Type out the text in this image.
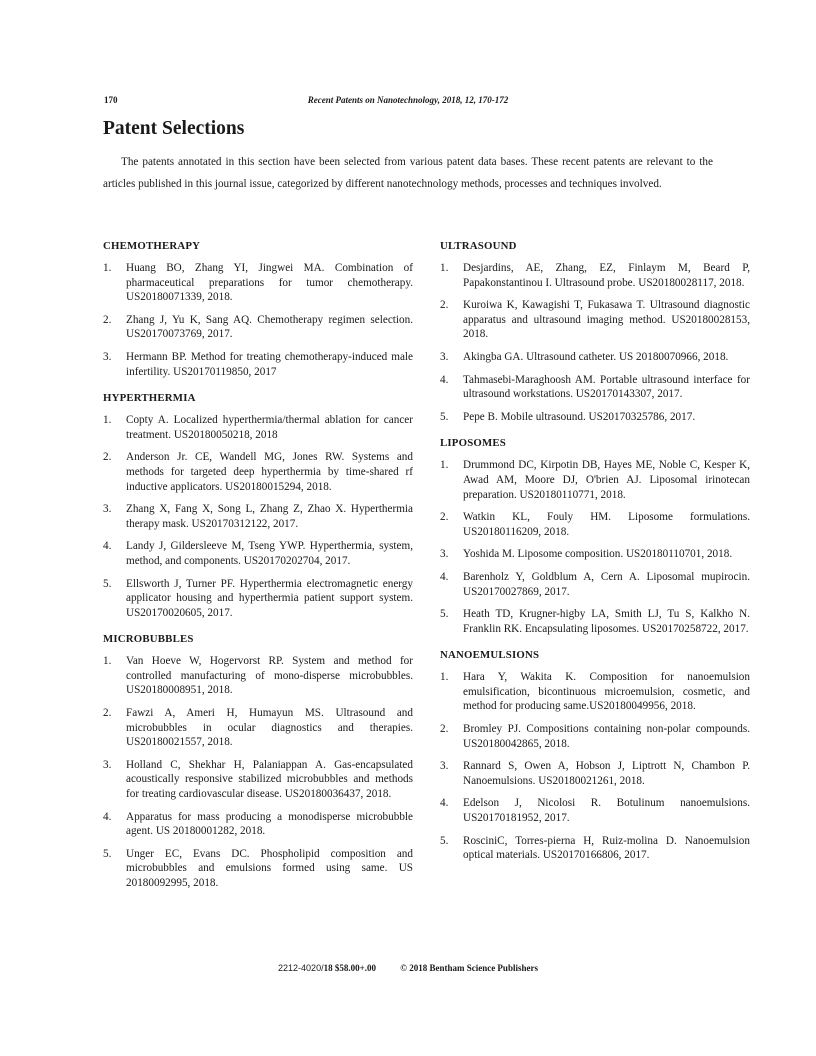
170	Recent Patents on Nanotechnology, 2018, 12, 170-172
Patent Selections

The patents annotated in this section have been selected from various patent data bases. These recent patents are relevant to the articles published in this journal issue, categorized by different nanotechnology methods, processes and techniques involved.

CHEMOTHERAPY
1.	Huang BO, Zhang YI, Jingwei MA. Combination of pharmaceutical preparations for tumor chemotherapy. US20180071339, 2018.
2.	Zhang J, Yu K, Sang AQ. Chemotherapy regimen selection. US20170073769, 2017.
3.	Hermann BP. Method for treating chemotherapy-induced male infertility. US20170119850, 2017
HYPERTHERMIA
1.	Copty A. Localized hyperthermia/thermal ablation for cancer treatment. US20180050218, 2018
2.	Anderson Jr. CE, Wandell MG, Jones RW. Systems and methods for targeted deep hyperthermia by time-shared rf inductive applicators. US20180015294, 2018.
3.	Zhang X, Fang X, Song L, Zhang Z, Zhao X. Hyperthermia therapy mask. US20170312122, 2017.
4.	Landy J, Gildersleeve M, Tseng YWP. Hyperthermia, system, method, and components. US20170202704, 2017.
5.	Ellsworth J, Turner PF. Hyperthermia electromagnetic energy applicator housing and hyperthermia patient support system. US20170020605, 2017.
MICROBUBBLES
1.	Van Hoeve W, Hogervorst RP. System and method for controlled manufacturing of mono-disperse microbubbles. US20180008951, 2018.
2.	Fawzi A, Ameri H, Humayun MS. Ultrasound and microbubbles in ocular diagnostics and therapies. US20180021557, 2018.
3.	Holland C, Shekhar H, Palaniappan A. Gas-encapsulated acoustically responsive stabilized microbubbles and methods for treating cardiovascular disease. US20180036437, 2018.
4.	Apparatus for mass producing a monodisperse microbubble agent. US 20180001282, 2018.
5.	Unger EC, Evans DC. Phospholipid composition and microbubbles and emulsions formed using same. US 20180092995, 2018.
ULTRASOUND
1.	Desjardins, AE, Zhang, EZ, Finlaym M, Beard P, Papakonstantinou I. Ultrasound probe. US20180028117, 2018.
2.	Kuroiwa K, Kawagishi T, Fukasawa T. Ultrasound diagnostic apparatus and ultrasound imaging method. US20180028153, 2018.
3.	Akingba GA. Ultrasound catheter. US 20180070966, 2018.
4.	Tahmasebi-Maraghoosh AM. Portable ultrasound interface for ultrasound workstations. US20170143307, 2017.
5.	Pepe B. Mobile ultrasound. US20170325786, 2017.
LIPOSOMES
1.	Drummond DC, Kirpotin DB, Hayes ME, Noble C, Kesper K, Awad AM, Moore DJ, O'brien AJ. Liposomal irinotecan preparation. US20180110771, 2018.
2.	Watkin KL, Fouly HM. Liposome formulations. US20180116209, 2018.
3.	Yoshida M. Liposome composition. US20180110701, 2018.
4.	Barenholz Y, Goldblum A, Cern A. Liposomal mupirocin. US20170027869, 2017.
5.	Heath TD, Krugner-higby LA, Smith LJ, Tu S, Kalkho N. Franklin RK. Encapsulating liposomes. US20170258722, 2017.
NANOEMULSIONS
1.	Hara Y, Wakita K. Composition for nanoemulsion emulsification, bicontinuous microemulsion, cosmetic, and method for producing same.US20180049956, 2018.
2.	Bromley PJ. Compositions containing non-polar compounds. US20180042865, 2018.
3.	Rannard S, Owen A, Hobson J, Liptrott N, Chambon P. Nanoemulsions. US20180021261, 2018.
4.	Edelson J, Nicolosi R. Botulinum nanoemulsions. US20170181952, 2017.
5.	RosciniC, Torres-pierna H, Ruiz-molina D. Nanoemulsion optical materials. US20170166806, 2017.
2212-4020/18 $58.00+.00	© 2018 Bentham Science Publishers
